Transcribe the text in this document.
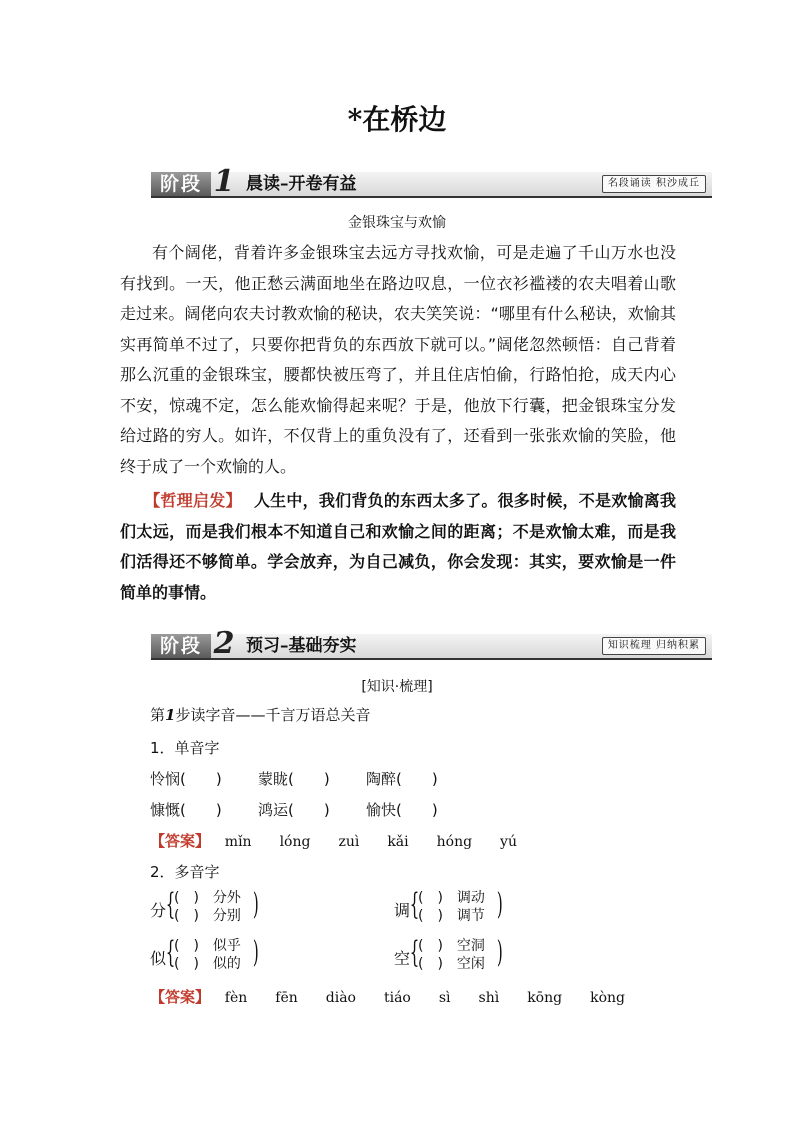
*在桥边
阶段 1 晨读–开卷有益	名段诵读 积沙成丘
金银珠宝与欢愉
有个阔佬，背着许多金银珠宝去远方寻找欢愉，可是走遍了千山万水也没有找到。一天，他正愁云满面地坐在路边叹息，一位衣衫褴褛的农夫唱着山歌走过来。阔佬向农夫讨教欢愉的秘诀，农夫笑笑说：“哪里有什么秘诀，欢愉其实再简单不过了，只要你把背负的东西放下就可以。”阔佬忽然顿悟：自己背着那么沉重的金银珠宝，腰都快被压弯了，并且住店怕偷，行路怕抢，成天内心不安，惊魂不定，怎么能欢愉得起来呢？于是，他放下行囊，把金银珠宝分发给过路的穷人。如许，不仅背上的重负没有了，还看到一张张欢愉的笑脸，他终于成了一个欢愉的人。
【哲理启发】 人生中，我们背负的东西太多了。很多时候，不是欢愉离我们太远，而是我们根本不知道自己和欢愉之间的距离；不是欢愉太难，而是我们活得还不够简单。学会放弃，为自己减负，你会发现：其实，要欢愉是一件简单的事情。
阶段 2 预习–基础夯实	知识梳理 归纳积累
[知识·梳理]
第1步读字音——千言万语总关音
1．单音字
怜悯(　　) 蒙眬(　　) 陶醉(　　)
慷慨(　　) 鸿运(　　) 愉快(　　)
【答案】 mǐn　　lóng　　zuì　　kǎi　　hóng　　yú
2．多音字
分 {
(　)　分外
(　)　分别 )	调 {
(　)　调动
(　)　调节 )
似 {
(　)　似乎
(　)　似的 )	空 {
(　)　空洞
(　)　空闲 )
【答案】 fèn　　fēn　　diào　　tiáo　　sì　　shì　　kōng　　kòng
